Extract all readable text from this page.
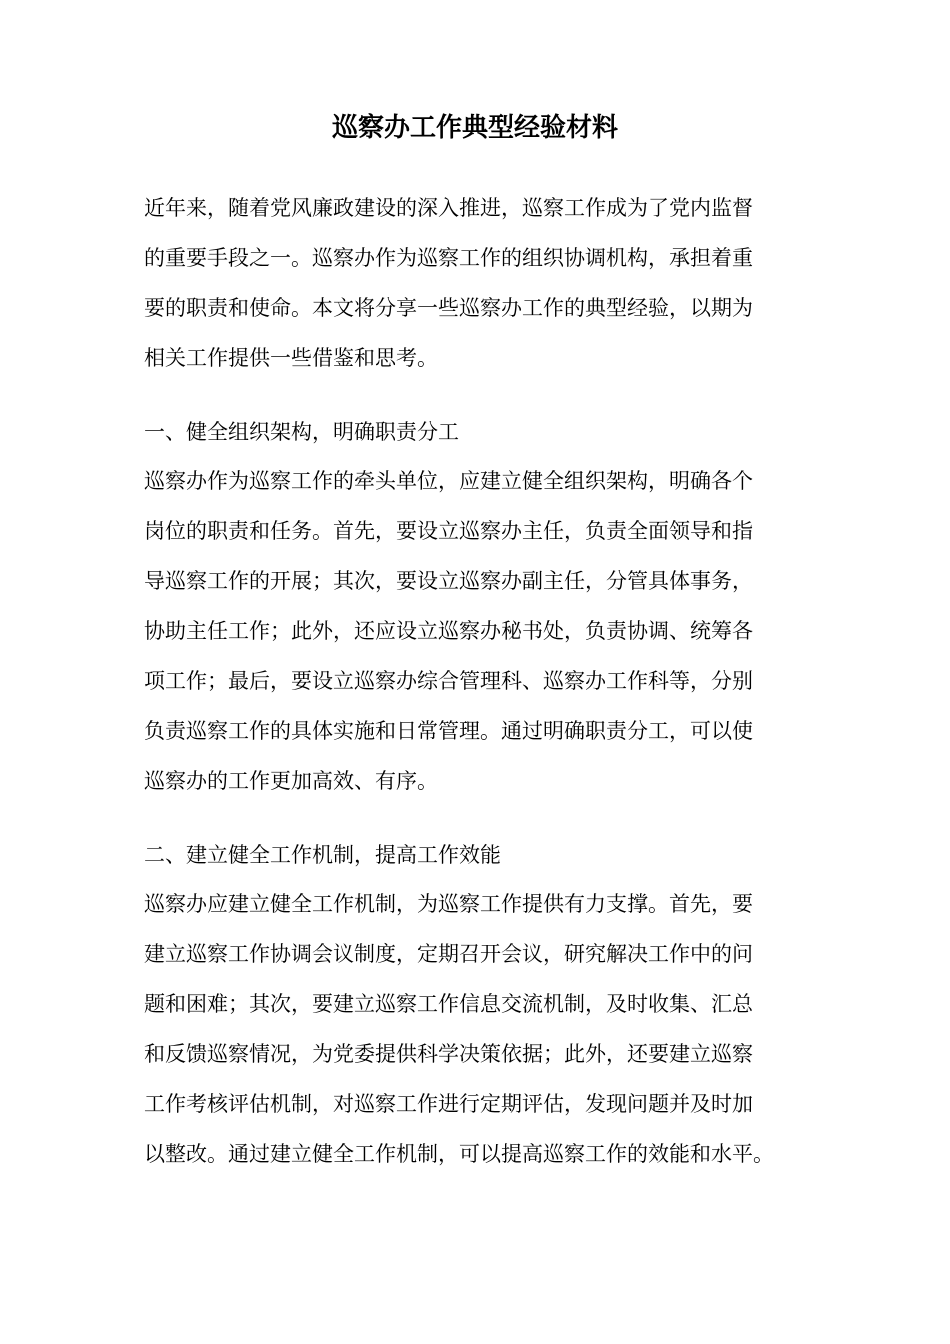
巡察办工作典型经验材料
近年来，随着党风廉政建设的深入推进，巡察工作成为了党内监督
的重要手段之一。巡察办作为巡察工作的组织协调机构，承担着重
要的职责和使命。本文将分享一些巡察办工作的典型经验，以期为
相关工作提供一些借鉴和思考。
一、健全组织架构，明确职责分工
巡察办作为巡察工作的牵头单位，应建立健全组织架构，明确各个
岗位的职责和任务。首先，要设立巡察办主任，负责全面领导和指
导巡察工作的开展；其次，要设立巡察办副主任，分管具体事务，
协助主任工作；此外，还应设立巡察办秘书处，负责协调、统筹各
项工作；最后，要设立巡察办综合管理科、巡察办工作科等，分别
负责巡察工作的具体实施和日常管理。通过明确职责分工，可以使
巡察办的工作更加高效、有序。
二、建立健全工作机制，提高工作效能
巡察办应建立健全工作机制，为巡察工作提供有力支撑。首先，要
建立巡察工作协调会议制度，定期召开会议，研究解决工作中的问
题和困难；其次，要建立巡察工作信息交流机制，及时收集、汇总
和反馈巡察情况，为党委提供科学决策依据；此外，还要建立巡察
工作考核评估机制，对巡察工作进行定期评估，发现问题并及时加
以整改。通过建立健全工作机制，可以提高巡察工作的效能和水平。
